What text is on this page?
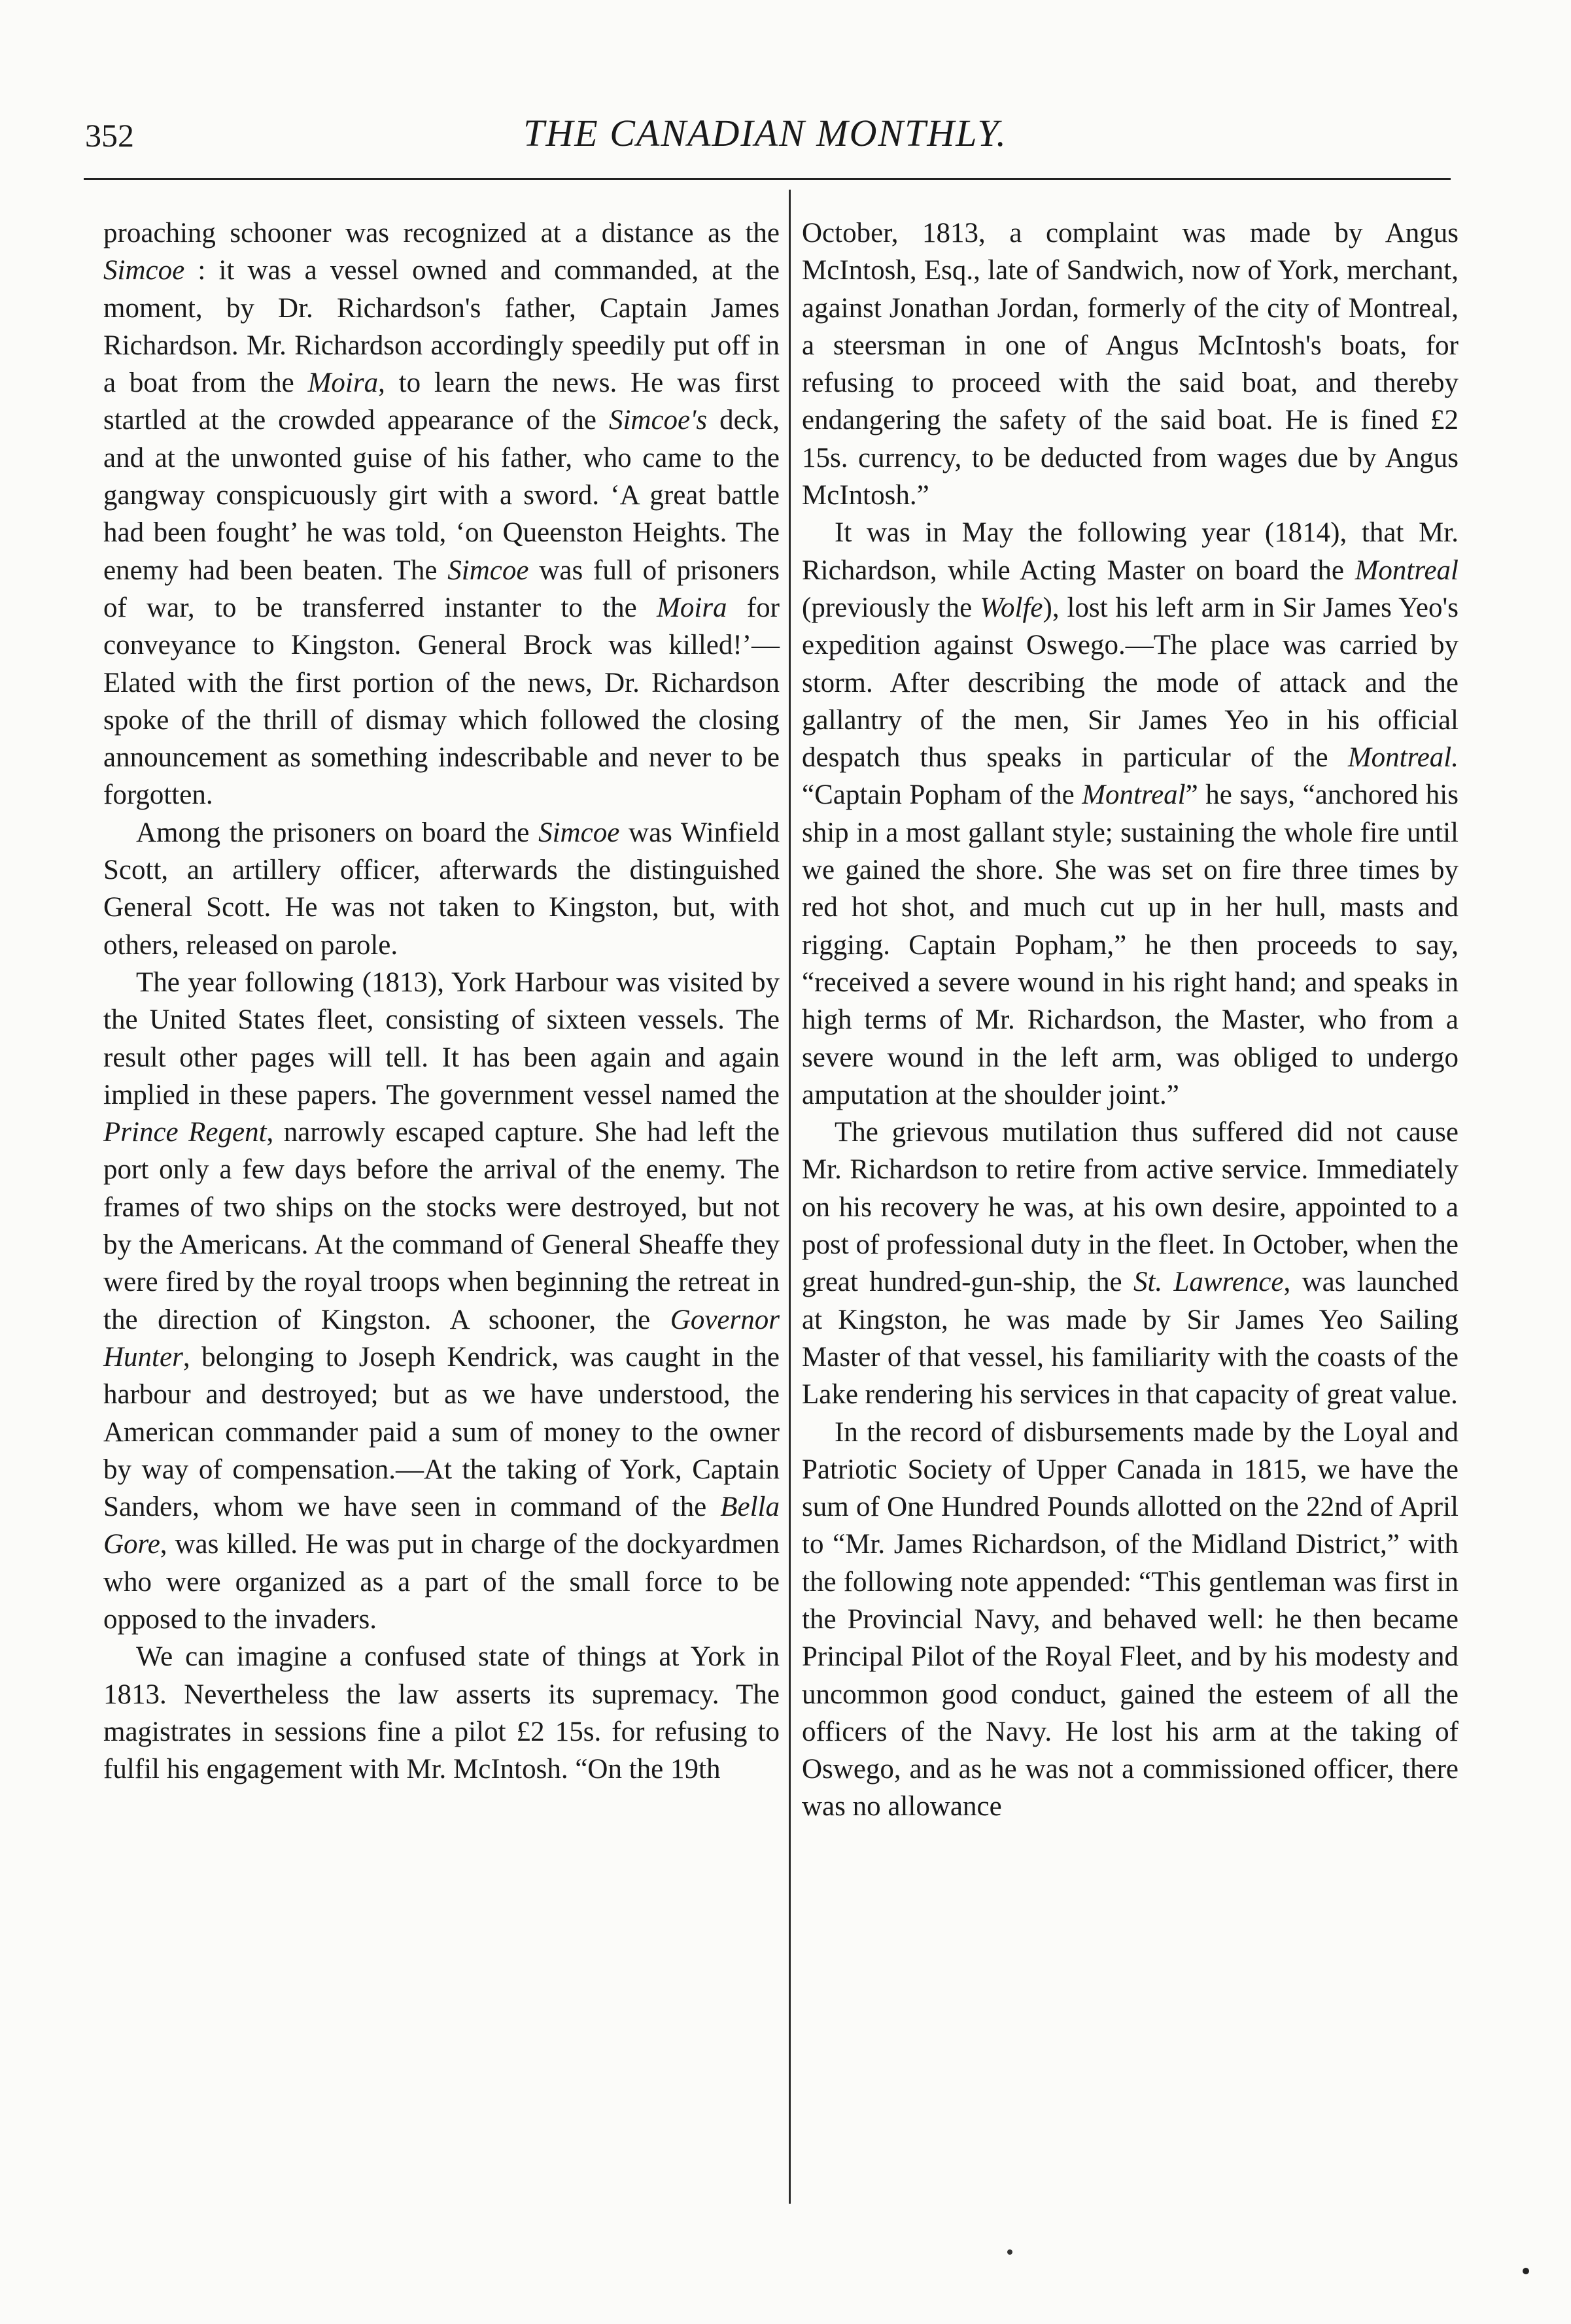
352	THE CANADIAN MONTHLY.

proaching schooner was recognized at a distance as the Simcoe : it was a vessel owned and commanded, at the moment, by Dr. Richardson's father, Captain James Richardson. Mr. Richardson accordingly speedily put off in a boat from the Moira, to learn the news. He was first startled at the crowded appearance of the Simcoe's deck, and at the unwonted guise of his father, who came to the gangway conspicuously girt with a sword. ‘A great battle had been fought’ he was told, ‘on Queenston Heights. The enemy had been beaten. The Simcoe was full of prisoners of war, to be transferred instanter to the Moira for conveyance to Kingston. General Brock was killed!’—Elated with the first portion of the news, Dr. Richardson spoke of the thrill of dismay which followed the closing announcement as something indescribable and never to be forgotten.

Among the prisoners on board the Simcoe was Winfield Scott, an artillery officer, afterwards the distinguished General Scott. He was not taken to Kingston, but, with others, released on parole.

The year following (1813), York Harbour was visited by the United States fleet, consisting of sixteen vessels. The result other pages will tell. It has been again and again implied in these papers. The government vessel named the Prince Regent, narrowly escaped capture. She had left the port only a few days before the arrival of the enemy. The frames of two ships on the stocks were destroyed, but not by the Americans. At the command of General Sheaffe they were fired by the royal troops when beginning the retreat in the direction of Kingston. A schooner, the Governor Hunter, belonging to Joseph Kendrick, was caught in the harbour and destroyed; but as we have understood, the American commander paid a sum of money to the owner by way of compensation.—At the taking of York, Captain Sanders, whom we have seen in command of the Bella Gore, was killed. He was put in charge of the dockyardmen who were organized as a part of the small force to be opposed to the invaders.

We can imagine a confused state of things at York in 1813. Nevertheless the law asserts its supremacy. The magistrates in sessions fine a pilot £2 15s. for refusing to fulfil his engagement with Mr. McIntosh. “On the 19th

October, 1813, a complaint was made by Angus McIntosh, Esq., late of Sandwich, now of York, merchant, against Jonathan Jordan, formerly of the city of Montreal, a steersman in one of Angus McIntosh's boats, for refusing to proceed with the said boat, and thereby endangering the safety of the said boat. He is fined £2 15s. currency, to be deducted from wages due by Angus McIntosh.”

It was in May the following year (1814), that Mr. Richardson, while Acting Master on board the Montreal (previously the Wolfe), lost his left arm in Sir James Yeo's expedition against Oswego.—The place was carried by storm. After describing the mode of attack and the gallantry of the men, Sir James Yeo in his official despatch thus speaks in particular of the Montreal. “Captain Popham of the Montreal” he says, “anchored his ship in a most gallant style; sustaining the whole fire until we gained the shore. She was set on fire three times by red hot shot, and much cut up in her hull, masts and rigging. Captain Popham,” he then proceeds to say, “received a severe wound in his right hand; and speaks in high terms of Mr. Richardson, the Master, who from a severe wound in the left arm, was obliged to undergo amputation at the shoulder joint.”

The grievous mutilation thus suffered did not cause Mr. Richardson to retire from active service. Immediately on his recovery he was, at his own desire, appointed to a post of professional duty in the fleet. In October, when the great hundred-gun-ship, the St. Lawrence, was launched at Kingston, he was made by Sir James Yeo Sailing Master of that vessel, his familiarity with the coasts of the Lake rendering his services in that capacity of great value.

In the record of disbursements made by the Loyal and Patriotic Society of Upper Canada in 1815, we have the sum of One Hundred Pounds allotted on the 22nd of April to “Mr. James Richardson, of the Midland District,” with the following note appended: “This gentleman was first in the Provincial Navy, and behaved well: he then became Principal Pilot of the Royal Fleet, and by his modesty and uncommon good conduct, gained the esteem of all the officers of the Navy. He lost his arm at the taking of Oswego, and as he was not a commissioned officer, there was no allowance
